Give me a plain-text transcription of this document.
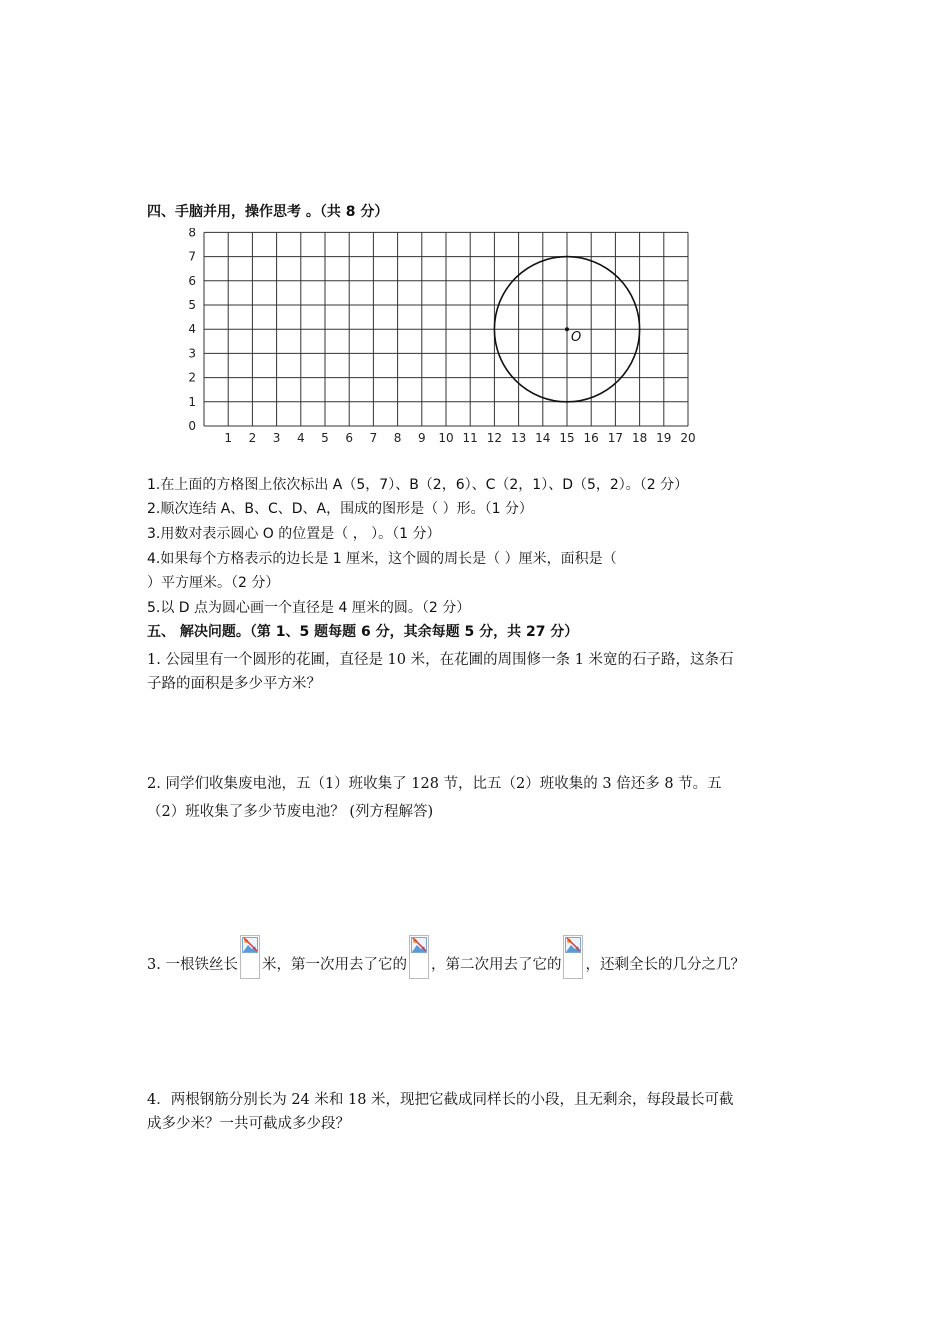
四、手脑并用，操作思考 。（共 8 分）
1 2 3 4 5 6 7 8 9 10 11 12 13 14 15 16 17 18 19 20
0
1
2
3
4
5
6
7
8
O
1.在上面的方格图上依次标出 A（5，7）、B（2，6）、C（2，1）、D（5，2）。（2 分）
2.顺次连结 A、B、C、D、A，围成的图形是（ ）形。（1 分）
3.用数对表示圆心 O 的位置是（ ， ）。（1 分）
4.如果每个方格表示的边长是 1 厘米，这个圆的周长是（ ）厘米，面积是（
）平方厘米。（2 分）
5.以 D 点为圆心画一个直径是 4 厘米的圆。（2 分）
五、 解决问题。（第 1、5 题每题 6 分，其余每题 5 分，共 27 分）
1. 公园里有一个圆形的花圃，直径是 10 米，在花圃的周围修一条 1 米宽的石子路，这条石
子路的面积是多少平方米？
2. 同学们收集废电池，五（1）班收集了 128 节，比五（2）班收集的 3 倍还多 8 节。五
（2）班收集了多少节废电池？ (列方程解答)
3. 一根铁丝长 米，第一次用去了它的 ，第二次用去了它的 ，还剩全长的几分之几？
4．两根钢筋分别长为 24 米和 18 米，现把它截成同样长的小段，且无剩余，每段最长可截
成多少米？一共可截成多少段？
